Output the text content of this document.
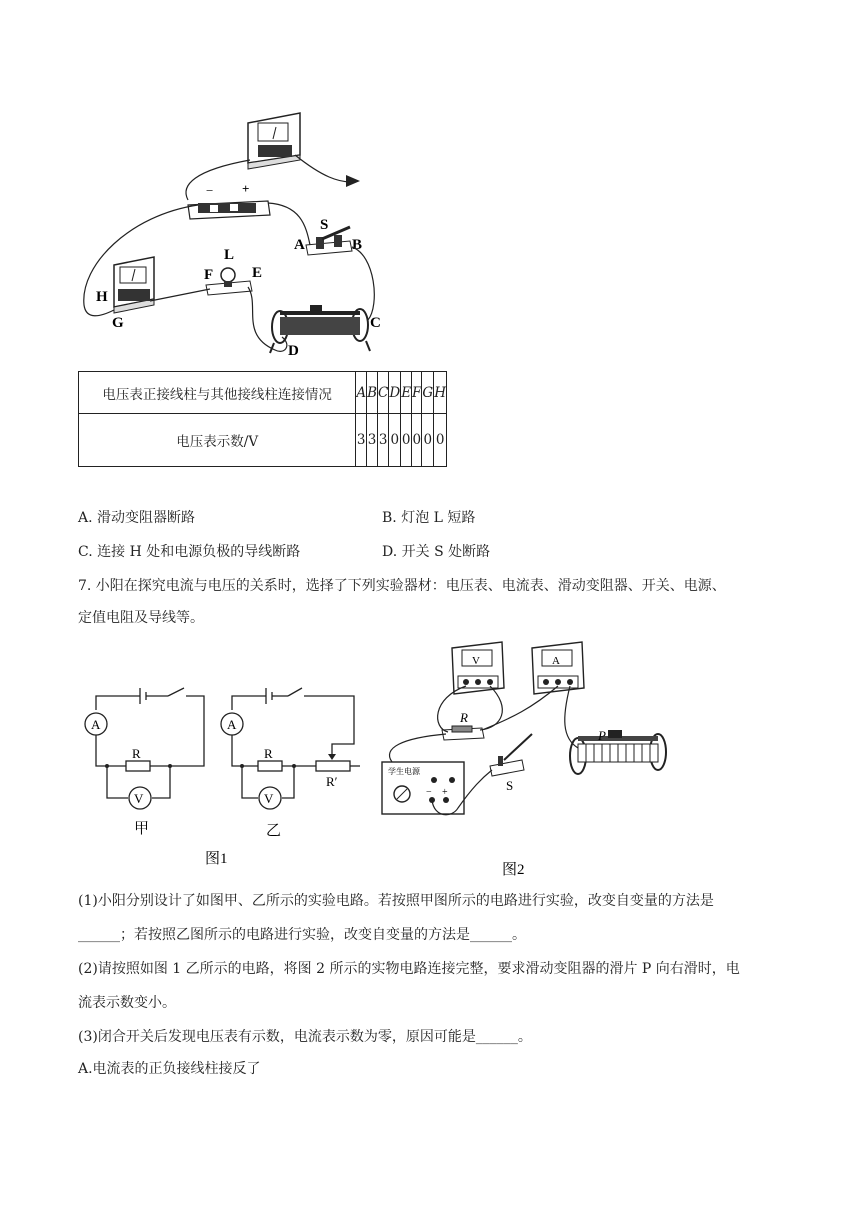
− +
S
A	B
L
F	E
H
G	C
D
电压表正接线柱与其他接线柱连接情况	A	B	C	D	E	F	G	H
电压表示数/V	3	3	3	0	0	0	0	0
A. 滑动变阻器断路	B. 灯泡 L 短路
C. 连接 H 处和电源负极的导线断路	D. 开关 S 处断路
7. 小阳在探究电流与电压的关系时，选择了下列实验器材：电压表、电流表、滑动变阻器、开关、电源、
定值电阻及导线等。
A
V
R
A
V
R
R′
甲	乙
图1
V	A
R
− +
学生电源
S
P
图2
(1)小阳分别设计了如图甲、乙所示的实验电路。若按照甲图所示的电路进行实验，改变自变量的方法是
______；若按照乙图所示的电路进行实验，改变自变量的方法是______。
(2)请按照如图 1 乙所示的电路，将图 2 所示的实物电路连接完整，要求滑动变阻器的滑片 P 向右滑时，电
流表示数变小。
(3)闭合开关后发现电压表有示数，电流表示数为零，原因可能是______。
A.电流表的正负接线柱接反了
